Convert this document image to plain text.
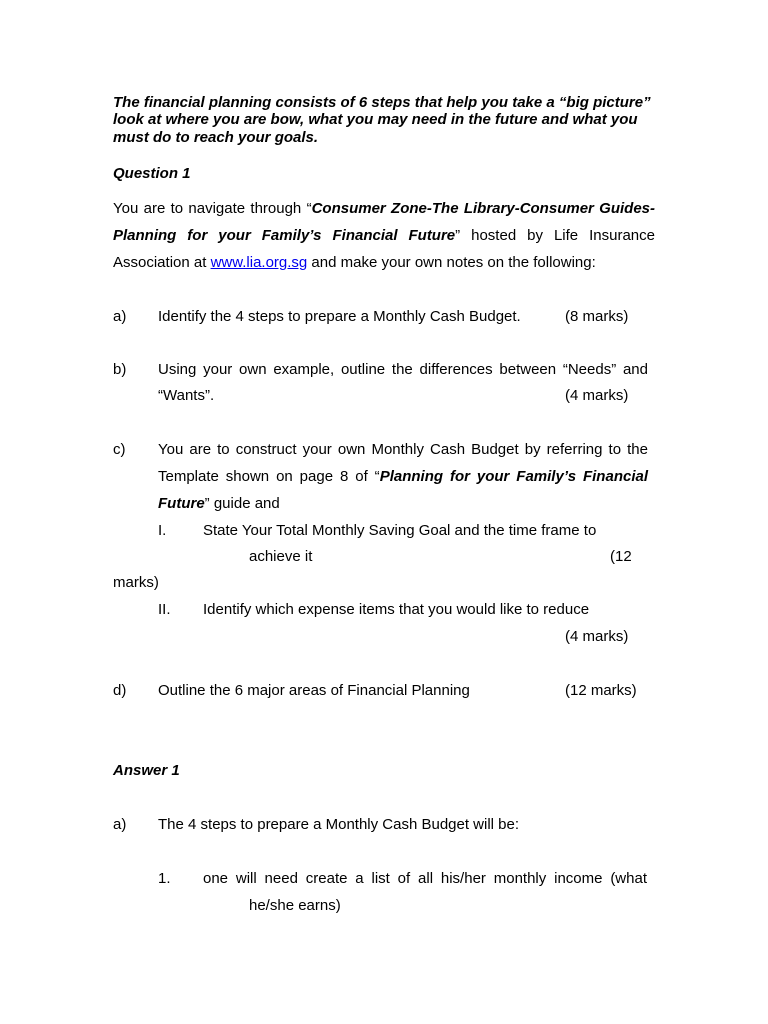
The financial planning consists of 6 steps that help you take a “big picture”
look at where you are bow, what you may need in the future and what you
must do to reach your goals.
Question 1
You are to navigate through “Consumer Zone-The Library-Consumer Guides-
Planning for your Family’s Financial Future” hosted by Life Insurance
Association at www.lia.org.sg and make your own notes on the following:
a) Identify the 4 steps to prepare a Monthly Cash Budget.	(8 marks)
b) Using your own example, outline the differences between “Needs” and
“Wants”.	(4 marks)
c) You are to construct your own Monthly Cash Budget by referring to the
Template shown on page 8 of “Planning for your Family’s Financial
Future” guide and
I. State Your Total Monthly Saving Goal and the time frame to
achieve it	(12
marks)
II. Identify which expense items that you would like to reduce
(4 marks)
d) Outline the 6 major areas of Financial Planning	(12 marks)
Answer 1
a) The 4 steps to prepare a Monthly Cash Budget will be:
1. one will need create a list of all his/her monthly income (what
he/she earns)
